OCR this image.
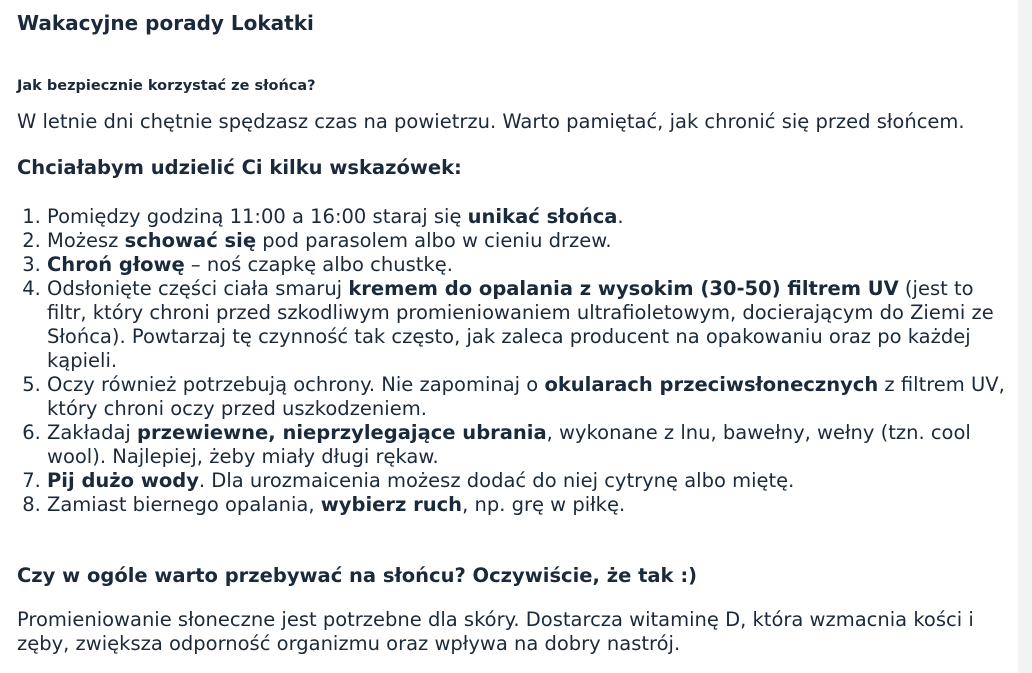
Wakacyjne porady Lokatki
Jak bezpiecznie korzystać ze słońca?

W letnie dni chętnie spędzasz czas na powietrzu. Warto pamiętać, jak chronić się przed słońcem.

Chciałabym udzielić Ci kilku wskazówek:
1. Pomiędzy godziną 11:00 a 16:00 staraj się unikać słońca.
2. Możesz schować się pod parasolem albo w cieniu drzew.
3. Chroń głowę – noś czapkę albo chustkę.
4. Odsłonięte części ciała smaruj kremem do opalania z wysokim (30-50) filtrem UV (jest to filtr, który chroni przed szkodliwym promieniowaniem ultrafioletowym, docierającym do Ziemi ze Słońca). Powtarzaj tę czynność tak często, jak zaleca producent na opakowaniu oraz po każdej kąpieli.
5. Oczy również potrzebują ochrony. Nie zapominaj o okularach przeciwsłonecznych z filtrem UV, który chroni oczy przed uszkodzeniem.
6. Zakładaj przewiewne, nieprzylegające ubrania, wykonane z lnu, bawełny, wełny (tzn. cool wool). Najlepiej, żeby miały długi rękaw.
7. Pij dużo wody. Dla urozmaicenia możesz dodać do niej cytrynę albo miętę.
8. Zamiast biernego opalania, wybierz ruch, np. grę w piłkę.
Czy w ogóle warto przebywać na słońcu? Oczywiście, że tak :)

Promieniowanie słoneczne jest potrzebne dla skóry. Dostarcza witaminę D, która wzmacnia kości i zęby, zwiększa odporność organizmu oraz wpływa na dobry nastrój.
